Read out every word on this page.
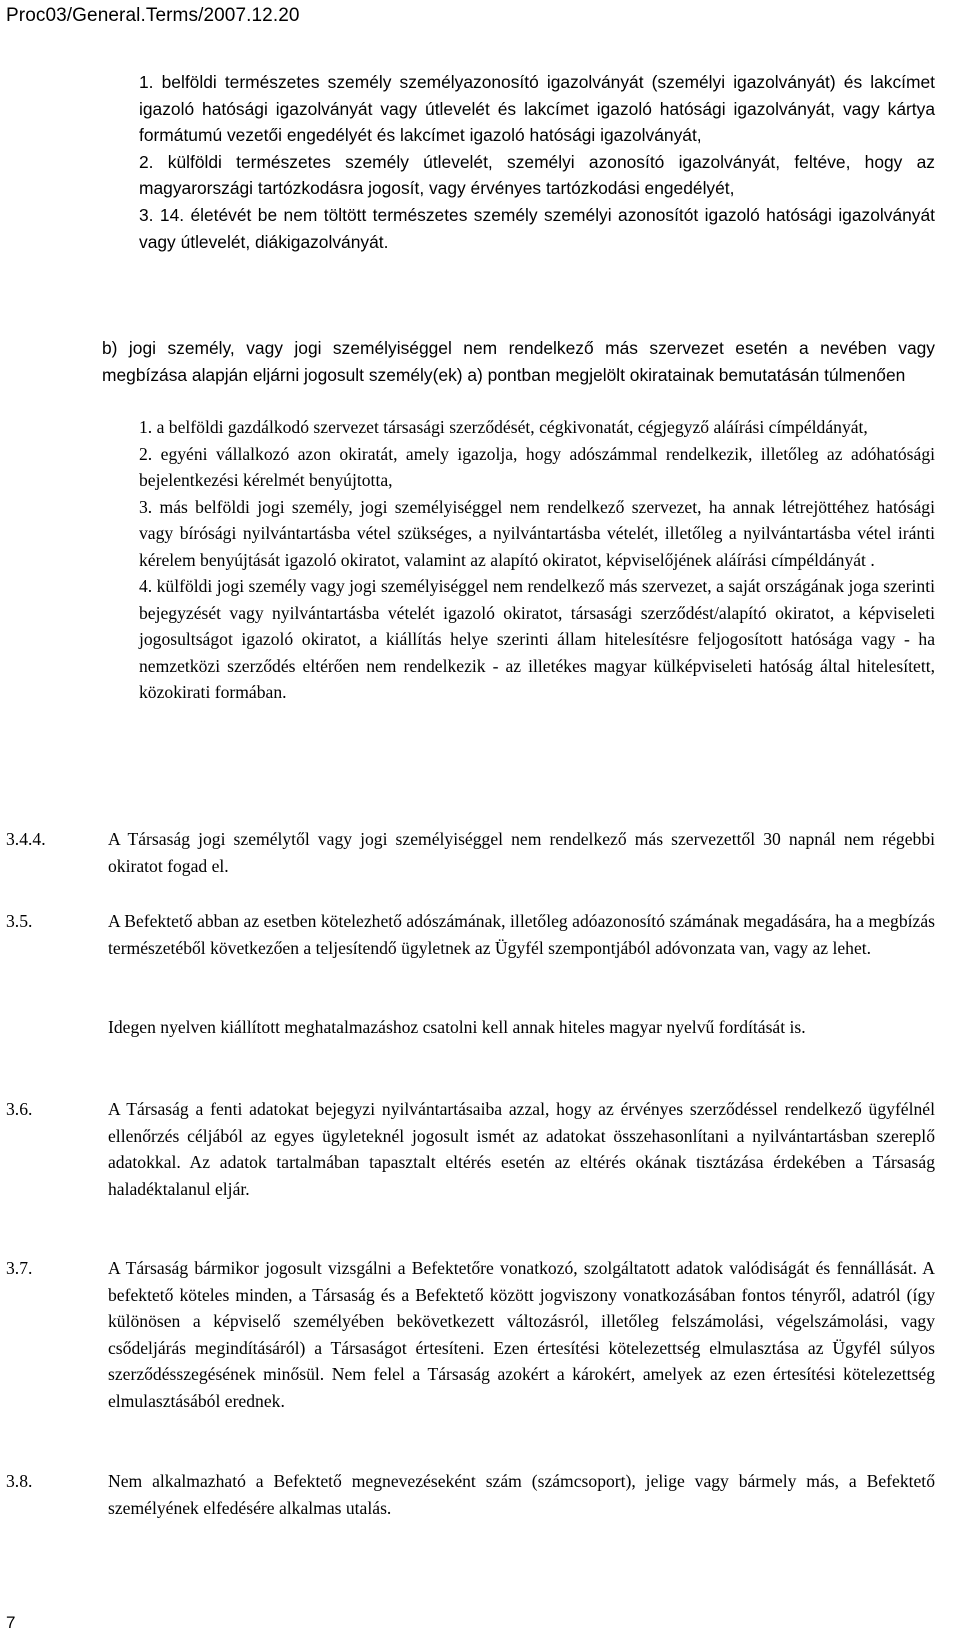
Proc03/General.Terms/2007.12.20

1. belföldi természetes személy személyazonosító igazolványát (személyi igazolványát) és lakcímet igazoló hatósági igazolványát vagy útlevelét és lakcímet igazoló hatósági igazolványát, vagy kártya formátumú vezetői engedélyét és lakcímet igazoló hatósági igazolványát,

2. külföldi természetes személy útlevelét, személyi azonosító igazolványát, feltéve, hogy az magyarországi tartózkodásra jogosít, vagy érvényes tartózkodási engedélyét,

3. 14. életévét be nem töltött természetes személy személyi azonosítót igazoló hatósági igazolványát vagy útlevelét, diákigazolványát.

b) jogi személy, vagy jogi személyiséggel nem rendelkező más szervezet esetén a nevében vagy megbízása alapján eljárni jogosult személy(ek) a) pontban megjelölt okiratainak bemutatásán túlmenően

1. a belföldi gazdálkodó szervezet társasági szerződését, cégkivonatát, cégjegyző aláírási címpéldányát,

2. egyéni vállalkozó azon okiratát, amely igazolja, hogy adószámmal rendelkezik, illetőleg az adóhatósági bejelentkezési kérelmét benyújtotta,

3. más belföldi jogi személy, jogi személyiséggel nem rendelkező szervezet, ha annak létrejöttéhez hatósági vagy bírósági nyilvántartásba vétel szükséges, a nyilvántartásba vételét, illetőleg a nyilvántartásba vétel iránti kérelem benyújtását igazoló okiratot, valamint az alapító okiratot, képviselőjének aláírási címpéldányát .

4. külföldi jogi személy vagy jogi személyiséggel nem rendelkező más szervezet, a saját országának joga szerinti bejegyzését vagy nyilvántartásba vételét igazoló okiratot, társasági szerződést/alapító okiratot, a képviseleti jogosultságot igazoló okiratot, a kiállítás helye szerinti állam hitelesítésre feljogosított hatósága vagy - ha nemzetközi szerződés eltérően nem rendelkezik - az illetékes magyar külképviseleti hatóság által hitelesített, közokirati formában.

3.4.4.	A Társaság jogi személytől vagy jogi személyiséggel nem rendelkező más szervezettől 30 napnál nem régebbi okiratot fogad el.
3.5.	A Befektető abban az esetben kötelezhető adószámának, illetőleg adóazonosító számának megadására, ha a megbízás természetéből következően a teljesítendő ügyletnek az Ügyfél szempontjából adóvonzata van, vagy az lehet.
Idegen nyelven kiállított meghatalmazáshoz csatolni kell annak hiteles magyar nyelvű fordítását is.
3.6.	A Társaság a fenti adatokat bejegyzi nyilvántartásaiba azzal, hogy az érvényes szerződéssel rendelkező ügyfélnél ellenőrzés céljából az egyes ügyleteknél jogosult ismét az adatokat összehasonlítani a nyilvántartásban szereplő adatokkal. Az adatok tartalmában tapasztalt eltérés esetén az eltérés okának tisztázása érdekében a Társaság haladéktalanul eljár.
3.7.	A Társaság bármikor jogosult vizsgálni a Befektetőre vonatkozó, szolgáltatott adatok valódiságát és fennállását. A befektető köteles minden, a Társaság és a Befektető között jogviszony vonatkozásában fontos tényről, adatról (így különösen a képviselő személyében bekövetkezett változásról, illetőleg felszámolási, végelszámolási, vagy csődeljárás megindításáról) a Társaságot értesíteni. Ezen értesítési kötelezettség elmulasztása az Ügyfél súlyos szerződésszegésének minősül. Nem felel a Társaság azokért a károkért, amelyek az ezen értesítési kötelezettség elmulasztásából erednek.
3.8.	Nem alkalmazható a Befektető megnevezéseként szám (számcsoport), jelige vagy bármely más, a Befektető személyének elfedésére alkalmas utalás.
7
